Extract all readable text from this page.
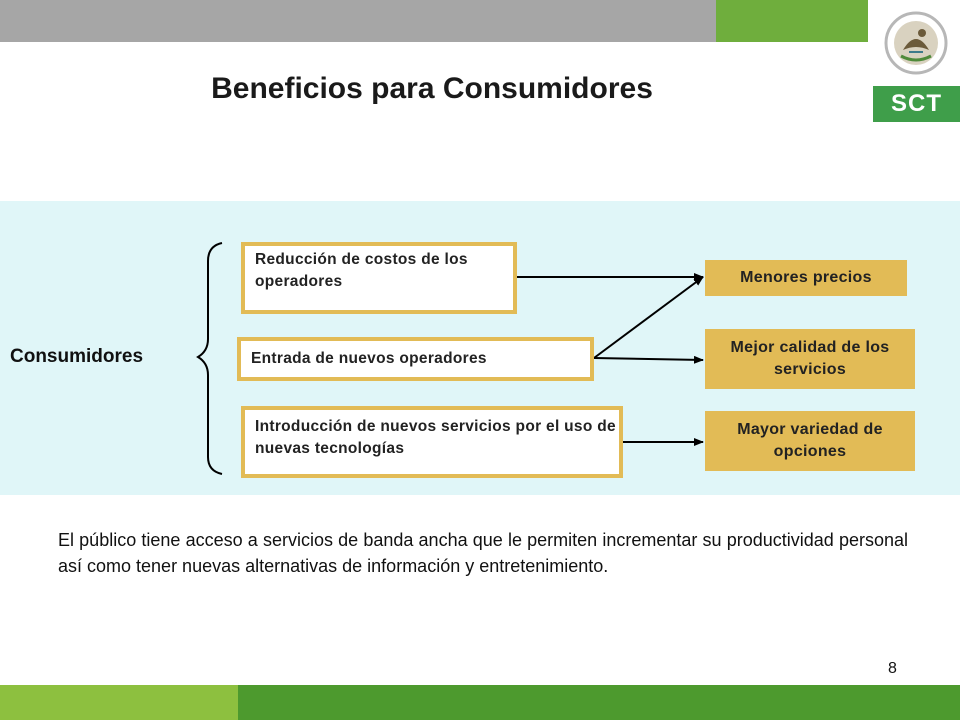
SCT
Beneficios para Consumidores
Consumidores
Reducción de costos de los operadores
Entrada de nuevos operadores
Introducción de nuevos servicios por el uso de nuevas tecnologías
Menores precios
Mejor calidad de los servicios
Mayor variedad de opciones
El público tiene acceso a servicios de banda ancha que le permiten incrementar su productividad personal así como tener nuevas alternativas de información y entretenimiento.
8
